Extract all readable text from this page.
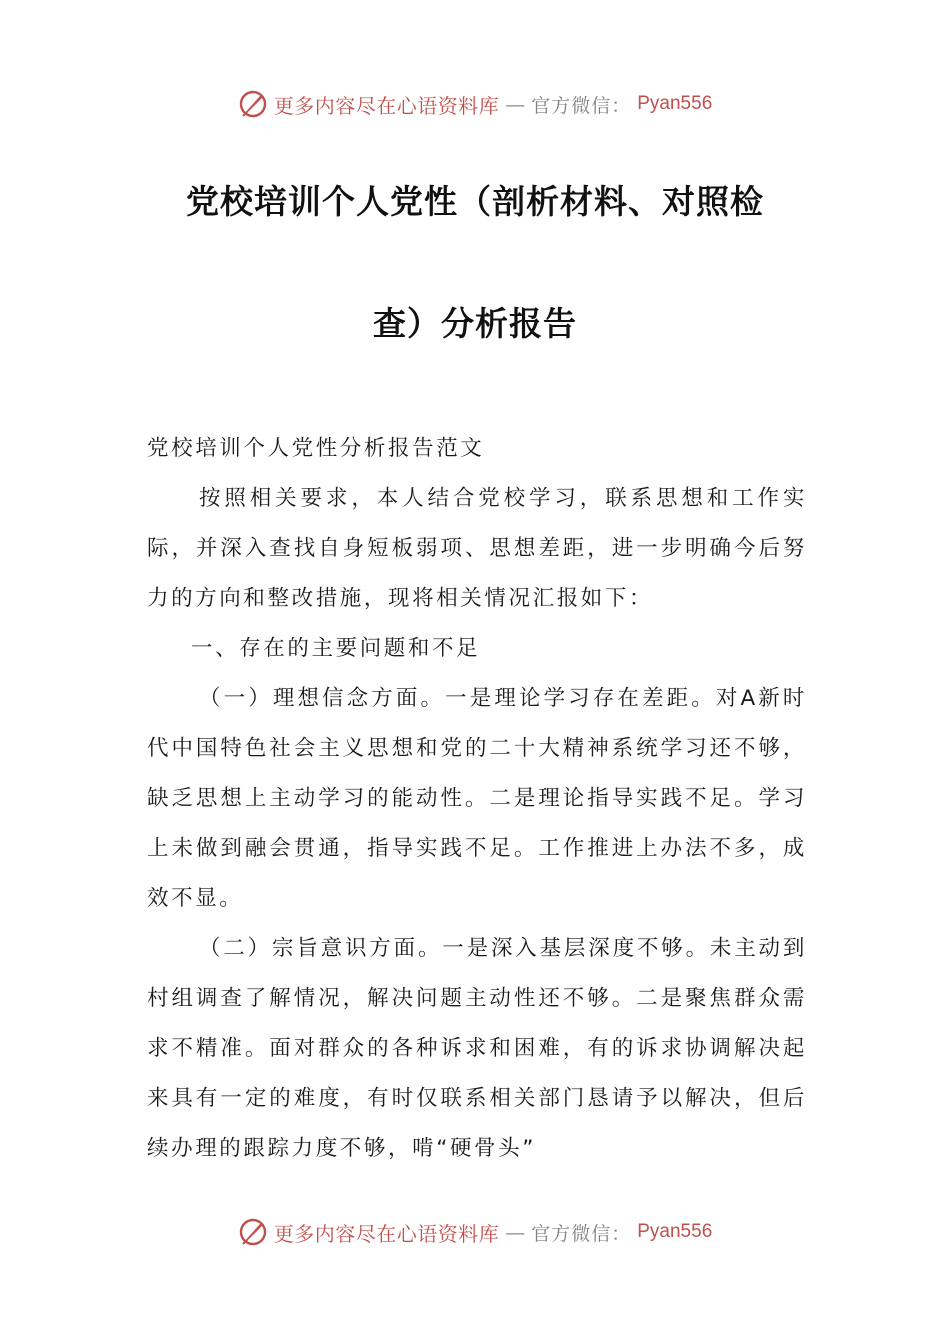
更多内容尽在心语资料库 — 官方微信： Pyan556
党校培训个人党性（剖析材料、对照检
查）分析报告

党校培训个人党性分析报告范文

按照相关要求，本人结合党校学习，联系思想和工作实际，并深入查找自身短板弱项、思想差距，进一步明确今后努力的方向和整改措施，现将相关情况汇报如下：

一、存在的主要问题和不足

（一）理想信念方面。一是理论学习存在差距。对A新时代中国特色社会主义思想和党的二十大精神系统学习还不够，缺乏思想上主动学习的能动性。二是理论指导实践不足。学习上未做到融会贯通，指导实践不足。工作推进上办法不多，成效不显。

（二）宗旨意识方面。一是深入基层深度不够。未主动到村组调查了解情况，解决问题主动性还不够。二是聚焦群众需求不精准。面对群众的各种诉求和困难，有的诉求协调解决起来具有一定的难度，有时仅联系相关部门恳请予以解决，但后续办理的跟踪力度不够，啃“硬骨头”

更多内容尽在心语资料库 — 官方微信： Pyan556
